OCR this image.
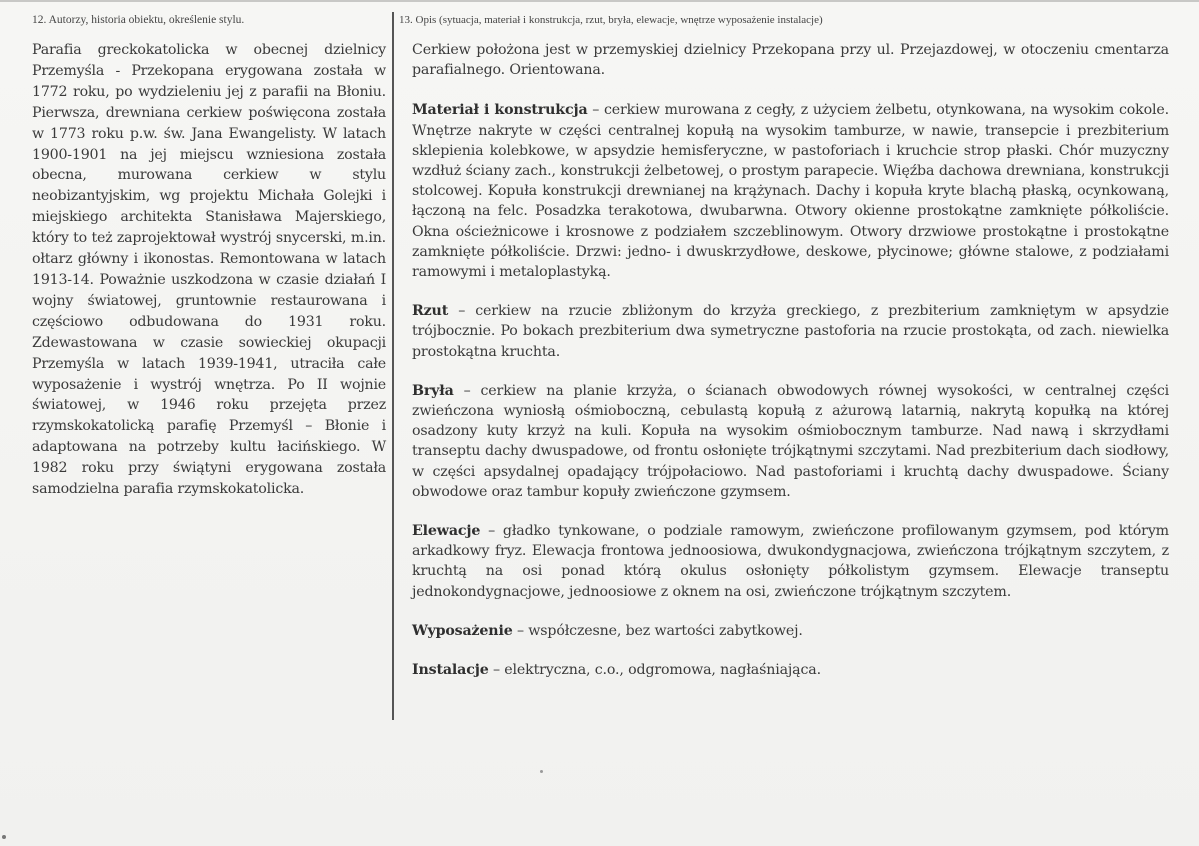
12. Autorzy, historia obiektu, określenie stylu.

Parafia greckokatolicka w obecnej dzielnicy Przemyśla - Przekopana erygowana została w 1772 roku, po wydzieleniu jej z parafii na Błoniu. Pierwsza, drewniana cerkiew poświęcona została w 1773 roku p.w. św. Jana Ewangelisty. W latach 1900-1901 na jej miejscu wzniesiona została obecna, murowana cerkiew w stylu neobizantyjskim, wg projektu Michała Golejki i miejskiego architekta Stanisława Majerskiego, który to też zaprojektował wystrój snycerski, m.in. ołtarz główny i ikonostas. Remontowana w latach 1913-14. Poważnie uszkodzona w czasie działań I wojny światowej, gruntownie restaurowana i częściowo odbudowana do 1931 roku. Zdewastowana w czasie sowieckiej okupacji Przemyśla w latach 1939-1941, utraciła całe wyposażenie i wystrój wnętrza. Po II wojnie światowej, w 1946 roku przejęta przez rzymskokatolicką parafię Przemyśl – Błonie i adaptowana na potrzeby kultu łacińskiego. W 1982 roku przy świątyni erygowana została samodzielna parafia rzymskokatolicka.

13. Opis (sytuacja, materiał i konstrukcja, rzut, bryła, elewacje, wnętrze wyposażenie instalacje)

Cerkiew położona jest w przemyskiej dzielnicy Przekopana przy ul. Przejazdowej, w otoczeniu cmentarza parafialnego. Orientowana.

Materiał i konstrukcja – cerkiew murowana z cegły, z użyciem żelbetu, otynkowana, na wysokim cokole. Wnętrze nakryte w części centralnej kopułą na wysokim tamburze, w nawie, transepcie i prezbiterium sklepienia kolebkowe, w apsydzie hemisferyczne, w pastoforiach i kruchcie strop płaski. Chór muzyczny wzdłuż ściany zach., konstrukcji żelbetowej, o prostym parapecie. Więźba dachowa drewniana, konstrukcji stolcowej. Kopuła konstrukcji drewnianej na krążynach. Dachy i kopuła kryte blachą płaską, ocynkowaną, łączoną na felc. Posadzka terakotowa, dwubarwna. Otwory okienne prostokątne zamknięte półkoliście. Okna ościeżnicowe i krosnowe z podziałem szczeblinowym. Otwory drzwiowe prostokątne i prostokątne zamknięte półkoliście. Drzwi: jedno- i dwuskrzydłowe, deskowe, płycinowe; główne stalowe, z podziałami ramowymi i metaloplastyką.

Rzut – cerkiew na rzucie zbliżonym do krzyża greckiego, z prezbiterium zamkniętym w apsydzie trójbocznie. Po bokach prezbiterium dwa symetryczne pastoforia na rzucie prostokąta, od zach. niewielka prostokątna kruchta.

Bryła – cerkiew na planie krzyża, o ścianach obwodowych równej wysokości, w centralnej części zwieńczona wyniosłą ośmioboczną, cebulastą kopułą z ażurową latarnią, nakrytą kopułką na której osadzony kuty krzyż na kuli. Kopuła na wysokim ośmiobocznym tamburze. Nad nawą i skrzydłami transeptu dachy dwuspadowe, od frontu osłonięte trójkątnymi szczytami. Nad prezbiterium dach siodłowy, w części apsydalnej opadający trójpołaciowo. Nad pastoforiami i kruchtą dachy dwuspadowe. Ściany obwodowe oraz tambur kopuły zwieńczone gzymsem.

Elewacje – gładko tynkowane, o podziale ramowym, zwieńczone profilowanym gzymsem, pod którym arkadkowy fryz. Elewacja frontowa jednoosiowa, dwukondygnacjowa, zwieńczona trójkątnym szczytem, z kruchtą na osi ponad którą okulus osłonięty półkolistym gzymsem. Elewacje transeptu jednokondygnacjowe, jednoosiowe z oknem na osi, zwieńczone trójkątnym szczytem.

Wyposażenie – współczesne, bez wartości zabytkowej.

Instalacje – elektryczna, c.o., odgromowa, nagłaśniająca.
